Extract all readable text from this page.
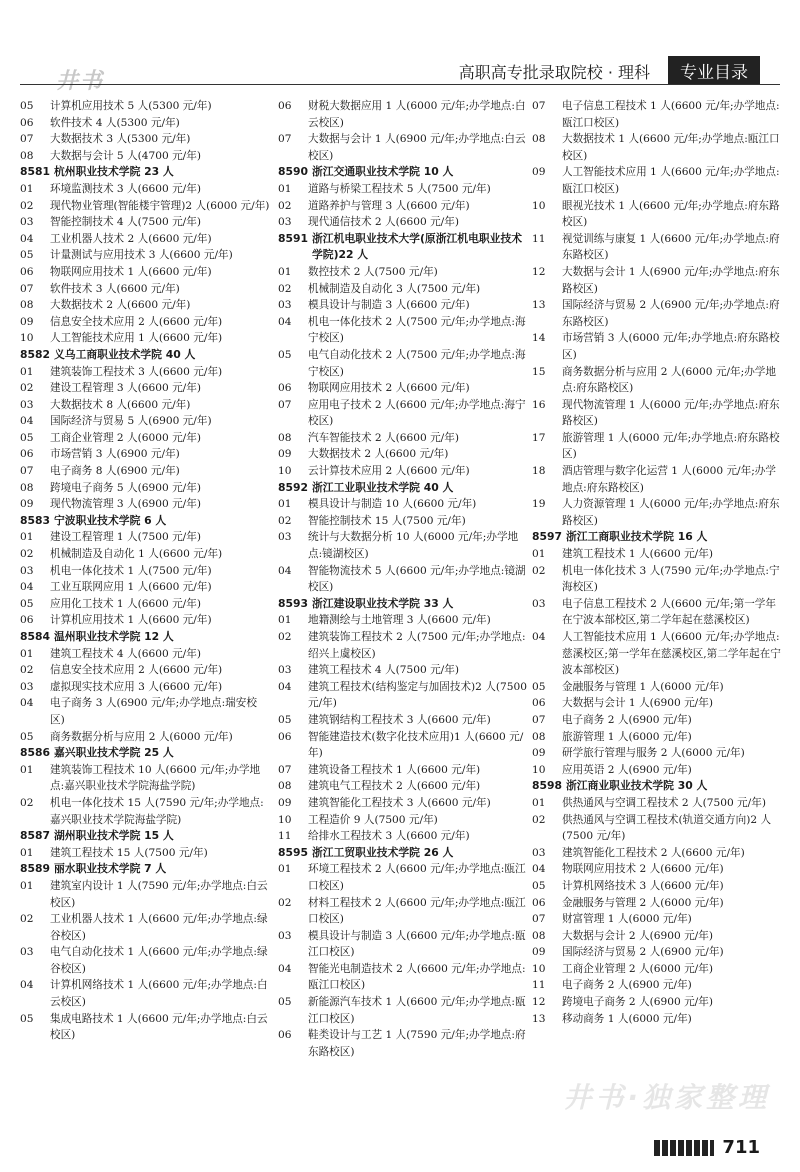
井书	高职高专批录取院校 · 理科	专业目录
05	计算机应用技术 5 人(5300 元/年)
06	软件技术 4 人(5300 元/年)
07	大数据技术 3 人(5300 元/年)
08	大数据与会计 5 人(4700 元/年)
8581 杭州职业技术学院 23 人
01	环境监测技术 3 人(6600 元/年)
02	现代物业管理(智能楼宇管理)2 人(6000 元/年)
03	智能控制技术 4 人(7500 元/年)
04	工业机器人技术 2 人(6600 元/年)
05	计量测试与应用技术 3 人(6600 元/年)
06	物联网应用技术 1 人(6600 元/年)
07	软件技术 3 人(6600 元/年)
08	大数据技术 2 人(6600 元/年)
09	信息安全技术应用 2 人(6600 元/年)
10	人工智能技术应用 1 人(6600 元/年)
8582 义乌工商职业技术学院 40 人
01	建筑装饰工程技术 3 人(6600 元/年)
02	建设工程管理 3 人(6600 元/年)
03	大数据技术 8 人(6600 元/年)
04	国际经济与贸易 5 人(6900 元/年)
05	工商企业管理 2 人(6000 元/年)
06	市场营销 3 人(6900 元/年)
07	电子商务 8 人(6900 元/年)
08	跨境电子商务 5 人(6900 元/年)
09	现代物流管理 3 人(6900 元/年)
8583 宁波职业技术学院 6 人
01	建设工程管理 1 人(7500 元/年)
02	机械制造及自动化 1 人(6600 元/年)
03	机电一体化技术 1 人(7500 元/年)
04	工业互联网应用 1 人(6600 元/年)
05	应用化工技术 1 人(6600 元/年)
06	计算机应用技术 1 人(6600 元/年)
8584 温州职业技术学院 12 人
01	建筑工程技术 4 人(6600 元/年)
02	信息安全技术应用 2 人(6600 元/年)
03	虚拟现实技术应用 3 人(6600 元/年)
04	电子商务 3 人(6900 元/年;办学地点:瑞安校区)
05	商务数据分析与应用 2 人(6000 元/年)
8586 嘉兴职业技术学院 25 人
01	建筑装饰工程技术 10 人(6600 元/年;办学地点:嘉兴职业技术学院海盐学院)
02	机电一体化技术 15 人(7590 元/年;办学地点:嘉兴职业技术学院海盐学院)
8587 湖州职业技术学院 15 人
01	建筑工程技术 15 人(7500 元/年)
8589 丽水职业技术学院 7 人
01	建筑室内设计 1 人(7590 元/年;办学地点:白云校区)
02	工业机器人技术 1 人(6600 元/年;办学地点:绿谷校区)
03	电气自动化技术 1 人(6600 元/年;办学地点:绿谷校区)
04	计算机网络技术 1 人(6600 元/年;办学地点:白云校区)
05	集成电路技术 1 人(6600 元/年;办学地点:白云校区)
06	财税大数据应用 1 人(6000 元/年;办学地点:白云校区)
07	大数据与会计 1 人(6900 元/年;办学地点:白云校区)
8590 浙江交通职业技术学院 10 人
01	道路与桥梁工程技术 5 人(7500 元/年)
02	道路养护与管理 3 人(6600 元/年)
03	现代通信技术 2 人(6600 元/年)
8591 浙江机电职业技术大学(原浙江机电职业技术学院)22 人
01	数控技术 2 人(7500 元/年)
02	机械制造及自动化 3 人(7500 元/年)
03	模具设计与制造 3 人(6600 元/年)
04	机电一体化技术 2 人(7500 元/年;办学地点:海宁校区)
05	电气自动化技术 2 人(7500 元/年;办学地点:海宁校区)
06	物联网应用技术 2 人(6600 元/年)
07	应用电子技术 2 人(6600 元/年;办学地点:海宁校区)
08	汽车智能技术 2 人(6600 元/年)
09	大数据技术 2 人(6600 元/年)
10	云计算技术应用 2 人(6600 元/年)
8592 浙江工业职业技术学院 40 人
01	模具设计与制造 10 人(6600 元/年)
02	智能控制技术 15 人(7500 元/年)
03	统计与大数据分析 10 人(6000 元/年;办学地点:镜湖校区)
04	智能物流技术 5 人(6600 元/年;办学地点:镜湖校区)
8593 浙江建设职业技术学院 33 人
01	地籍测绘与土地管理 3 人(6600 元/年)
02	建筑装饰工程技术 2 人(7500 元/年;办学地点:绍兴上虞校区)
03	建筑工程技术 4 人(7500 元/年)
04	建筑工程技术(结构鉴定与加固技术)2 人(7500 元/年)
05	建筑钢结构工程技术 3 人(6600 元/年)
06	智能建造技术(数字化技术应用)1 人(6600 元/年)
07	建筑设备工程技术 1 人(6600 元/年)
08	建筑电气工程技术 2 人(6600 元/年)
09	建筑智能化工程技术 3 人(6600 元/年)
10	工程造价 9 人(7500 元/年)
11	给排水工程技术 3 人(6600 元/年)
8595 浙江工贸职业技术学院 26 人
01	环境工程技术 2 人(6600 元/年;办学地点:瓯江口校区)
02	材料工程技术 2 人(6600 元/年;办学地点:瓯江口校区)
03	模具设计与制造 3 人(6600 元/年;办学地点:瓯江口校区)
04	智能光电制造技术 2 人(6600 元/年;办学地点:瓯江口校区)
05	新能源汽车技术 1 人(6600 元/年;办学地点:瓯江口校区)
06	鞋类设计与工艺 1 人(7590 元/年;办学地点:府东路校区)
07	电子信息工程技术 1 人(6600 元/年;办学地点:瓯江口校区)
08	大数据技术 1 人(6600 元/年;办学地点:瓯江口校区)
09	人工智能技术应用 1 人(6600 元/年;办学地点:瓯江口校区)
10	眼视光技术 1 人(6600 元/年;办学地点:府东路校区)
11	视觉训练与康复 1 人(6600 元/年;办学地点:府东路校区)
12	大数据与会计 1 人(6900 元/年;办学地点:府东路校区)
13	国际经济与贸易 2 人(6900 元/年;办学地点:府东路校区)
14	市场营销 3 人(6000 元/年;办学地点:府东路校区)
15	商务数据分析与应用 2 人(6000 元/年;办学地点:府东路校区)
16	现代物流管理 1 人(6000 元/年;办学地点:府东路校区)
17	旅游管理 1 人(6000 元/年;办学地点:府东路校区)
18	酒店管理与数字化运营 1 人(6000 元/年;办学地点:府东路校区)
19	人力资源管理 1 人(6000 元/年;办学地点:府东路校区)
8597 浙江工商职业技术学院 16 人
01	建筑工程技术 1 人(6600 元/年)
02	机电一体化技术 3 人(7590 元/年;办学地点:宁海校区)
03	电子信息工程技术 2 人(6600 元/年;第一学年在宁波本部校区,第二学年起在慈溪校区)
04	人工智能技术应用 1 人(6600 元/年;办学地点:慈溪校区;第一学年在慈溪校区,第二学年起在宁波本部校区)
05	金融服务与管理 1 人(6000 元/年)
06	大数据与会计 1 人(6900 元/年)
07	电子商务 2 人(6900 元/年)
08	旅游管理 1 人(6000 元/年)
09	研学旅行管理与服务 2 人(6000 元/年)
10	应用英语 2 人(6900 元/年)
8598 浙江商业职业技术学院 30 人
01	供热通风与空调工程技术 2 人(7500 元/年)
02	供热通风与空调工程技术(轨道交通方向)2 人(7500 元/年)
03	建筑智能化工程技术 2 人(6600 元/年)
04	物联网应用技术 2 人(6600 元/年)
05	计算机网络技术 3 人(6600 元/年)
06	金融服务与管理 2 人(6000 元/年)
07	财富管理 1 人(6000 元/年)
08	大数据与会计 2 人(6900 元/年)
09	国际经济与贸易 2 人(6900 元/年)
10	工商企业管理 2 人(6000 元/年)
11	电子商务 2 人(6900 元/年)
12	跨境电子商务 2 人(6900 元/年)
13	移动商务 1 人(6000 元/年)
井书·独家整理
711
